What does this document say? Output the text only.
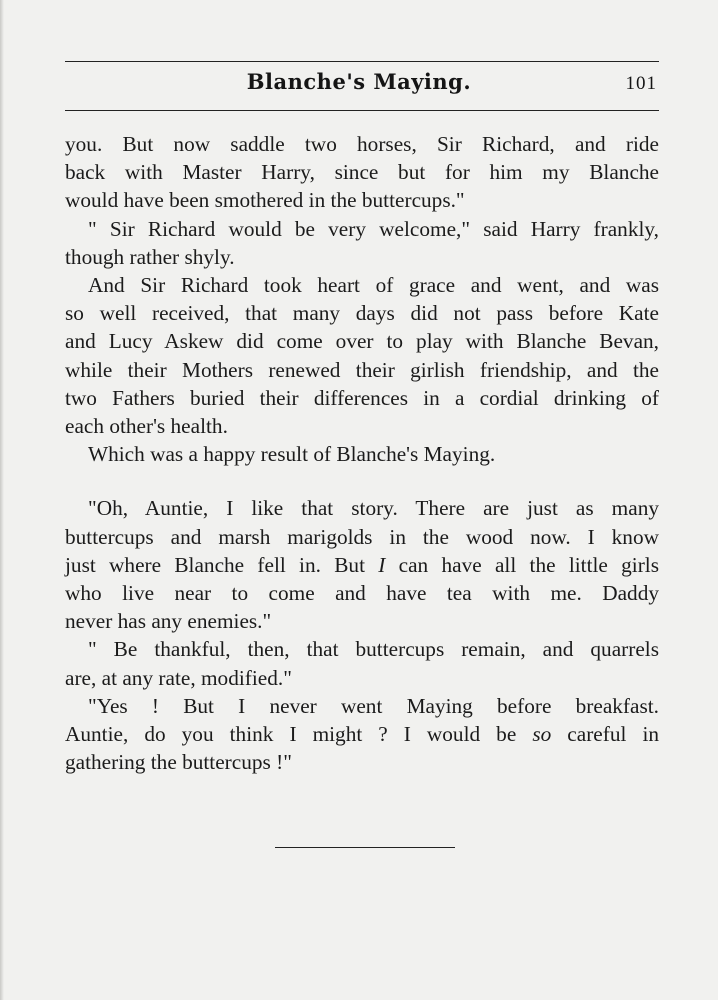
Blanche's Maying.	101

you. But now saddle two horses, Sir Richard, and ride
back with Master Harry, since but for him my Blanche
would have been smothered in the buttercups."

" Sir Richard would be very welcome," said Harry frankly,
though rather shyly.

And Sir Richard took heart of grace and went, and was
so well received, that many days did not pass before Kate
and Lucy Askew did come over to play with Blanche Bevan,
while their Mothers renewed their girlish friendship, and the
two Fathers buried their differences in a cordial drinking of
each other's health.

Which was a happy result of Blanche's Maying.

"Oh, Auntie, I like that story. There are just as many
buttercups and marsh marigolds in the wood now. I know
just where Blanche fell in. But I can have all the little girls
who live near to come and have tea with me. Daddy
never has any enemies."

" Be thankful, then, that buttercups remain, and quarrels
are, at any rate, modified."

"Yes ! But I never went Maying before breakfast.
Auntie, do you think I might ? I would be so careful in
gathering the buttercups !"
